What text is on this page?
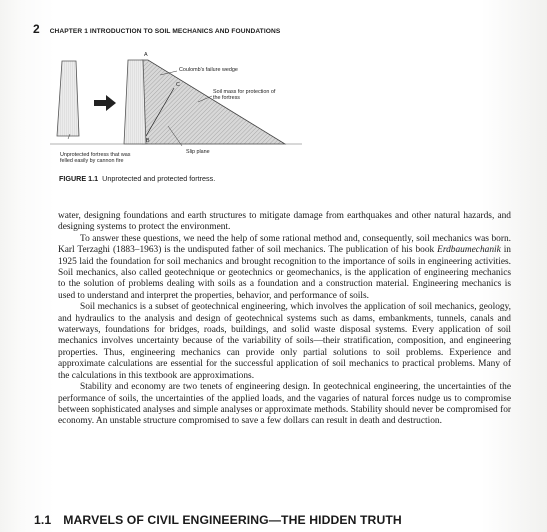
2 CHAPTER 1 INTRODUCTION TO SOIL MECHANICS AND FOUNDATIONS
A
C
B
Coulomb's failure wedge
Soil mass for protection of
the fortress
Slip plane
Unprotected fortress that was
felled easily by cannon fire
FIGURE 1.1 Unprotected and protected fortress.

water, designing foundations and earth structures to mitigate damage from earthquakes and other natural hazards, and designing systems to protect the environment.

To answer these questions, we need the help of some rational method and, consequently, soil mechanics was born. Karl Terzaghi (1883–1963) is the undisputed father of soil mechanics. The publication of his book Erdbaumechanik in 1925 laid the foundation for soil mechanics and brought recognition to the importance of soils in engineering activities. Soil mechanics, also called geotechnique or geotechnics or geomechanics, is the application of engineering mechanics to the solution of problems dealing with soils as a foundation and a construction material. Engineering mechanics is used to understand and interpret the properties, behavior, and performance of soils.

Soil mechanics is a subset of geotechnical engineering, which involves the application of soil mechanics, geology, and hydraulics to the analysis and design of geotechnical systems such as dams, embankments, tunnels, canals and waterways, foundations for bridges, roads, buildings, and solid waste disposal systems. Every application of soil mechanics involves uncertainty because of the variability of soils—their stratification, composition, and engineering properties. Thus, engineering mechanics can provide only partial solutions to soil problems. Experience and approximate calculations are essential for the successful application of soil mechanics to practical problems. Many of the calculations in this textbook are approximations.

Stability and economy are two tenets of engineering design. In geotechnical engineering, the uncertainties of the performance of soils, the uncertainties of the applied loads, and the vagaries of natural forces nudge us to compromise between sophisticated analyses and simple analyses or approximate methods. Stability should never be compromised for economy. An unstable structure compromised to save a few dollars can result in death and destruction.

1.1 MARVELS OF CIVIL ENGINEERING—THE HIDDEN TRUTH
